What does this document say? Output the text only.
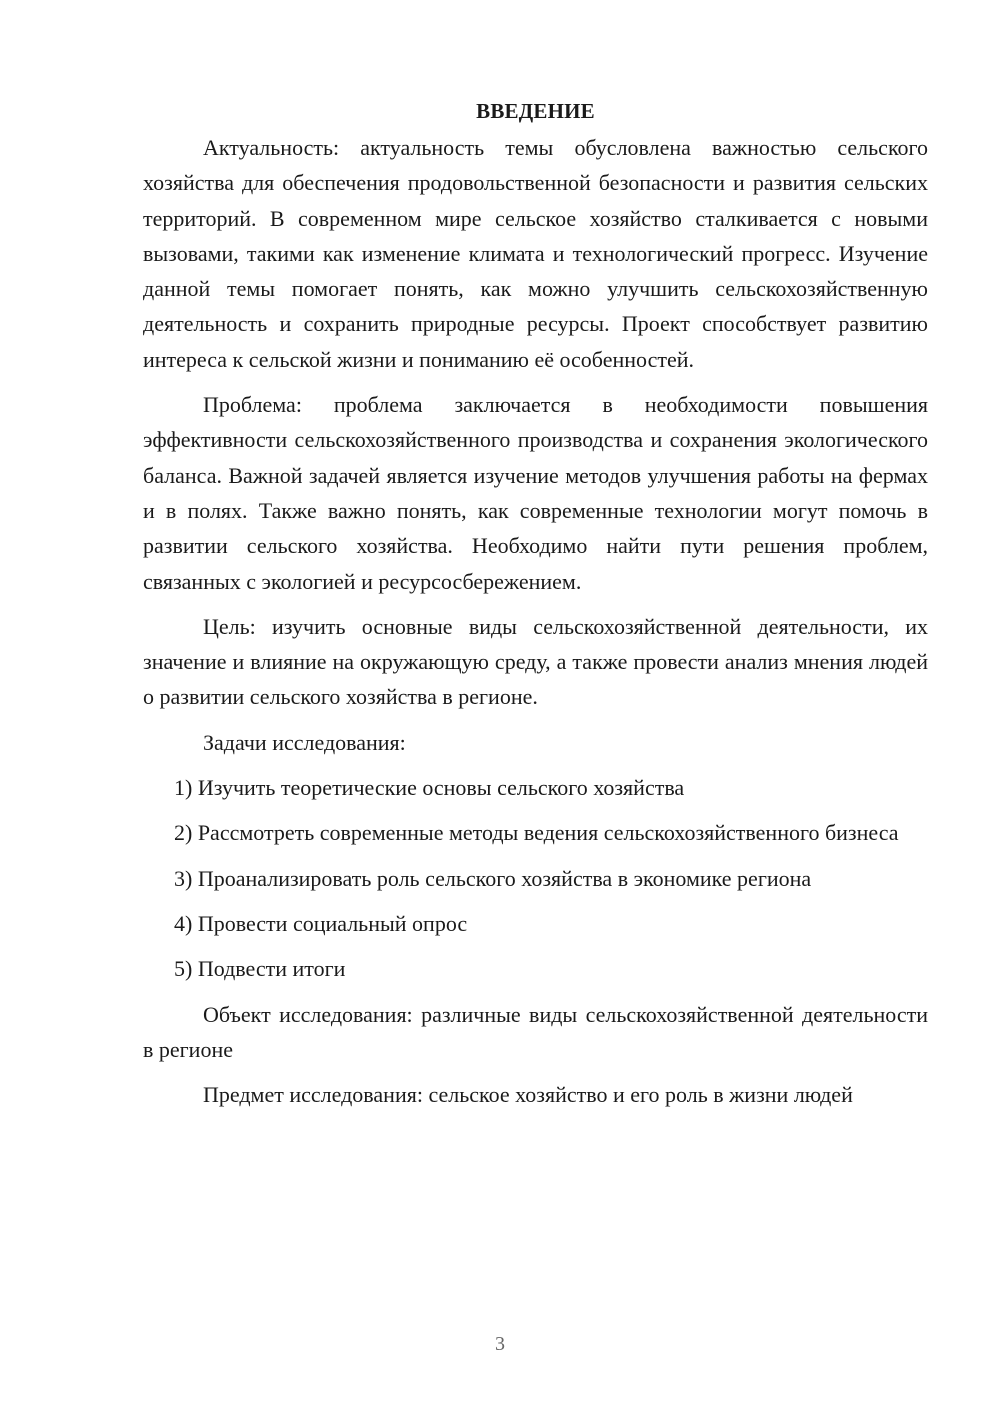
ВВЕДЕНИЕ

Актуальность: актуальность темы обусловлена важностью сельского хозяйства для обеспечения продовольственной безопасности и развития сельских территорий. В современном мире сельское хозяйство сталкивается с новыми вызовами, такими как изменение климата и технологический прогресс. Изучение данной темы помогает понять, как можно улучшить сельскохозяйственную деятельность и сохранить природные ресурсы. Проект способствует развитию интереса к сельской жизни и пониманию её особенностей.

Проблема: проблема заключается в необходимости повышения эффективности сельскохозяйственного производства и сохранения экологического баланса. Важной задачей является изучение методов улучшения работы на фермах и в полях. Также важно понять, как современные технологии могут помочь в развитии сельского хозяйства. Необходимо найти пути решения проблем, связанных с экологией и ресурсосбережением.

Цель: изучить основные виды сельскохозяйственной деятельности, их значение и влияние на окружающую среду, а также провести анализ мнения людей о развитии сельского хозяйства в регионе.

Задачи исследования:

1) Изучить теоретические основы сельского хозяйства

2) Рассмотреть современные методы ведения сельскохозяйственного бизнеса

3) Проанализировать роль сельского хозяйства в экономике региона

4) Провести социальный опрос

5) Подвести итоги

Объект исследования: различные виды сельскохозяйственной деятельности в регионе

Предмет исследования: сельское хозяйство и его роль в жизни людей

3
